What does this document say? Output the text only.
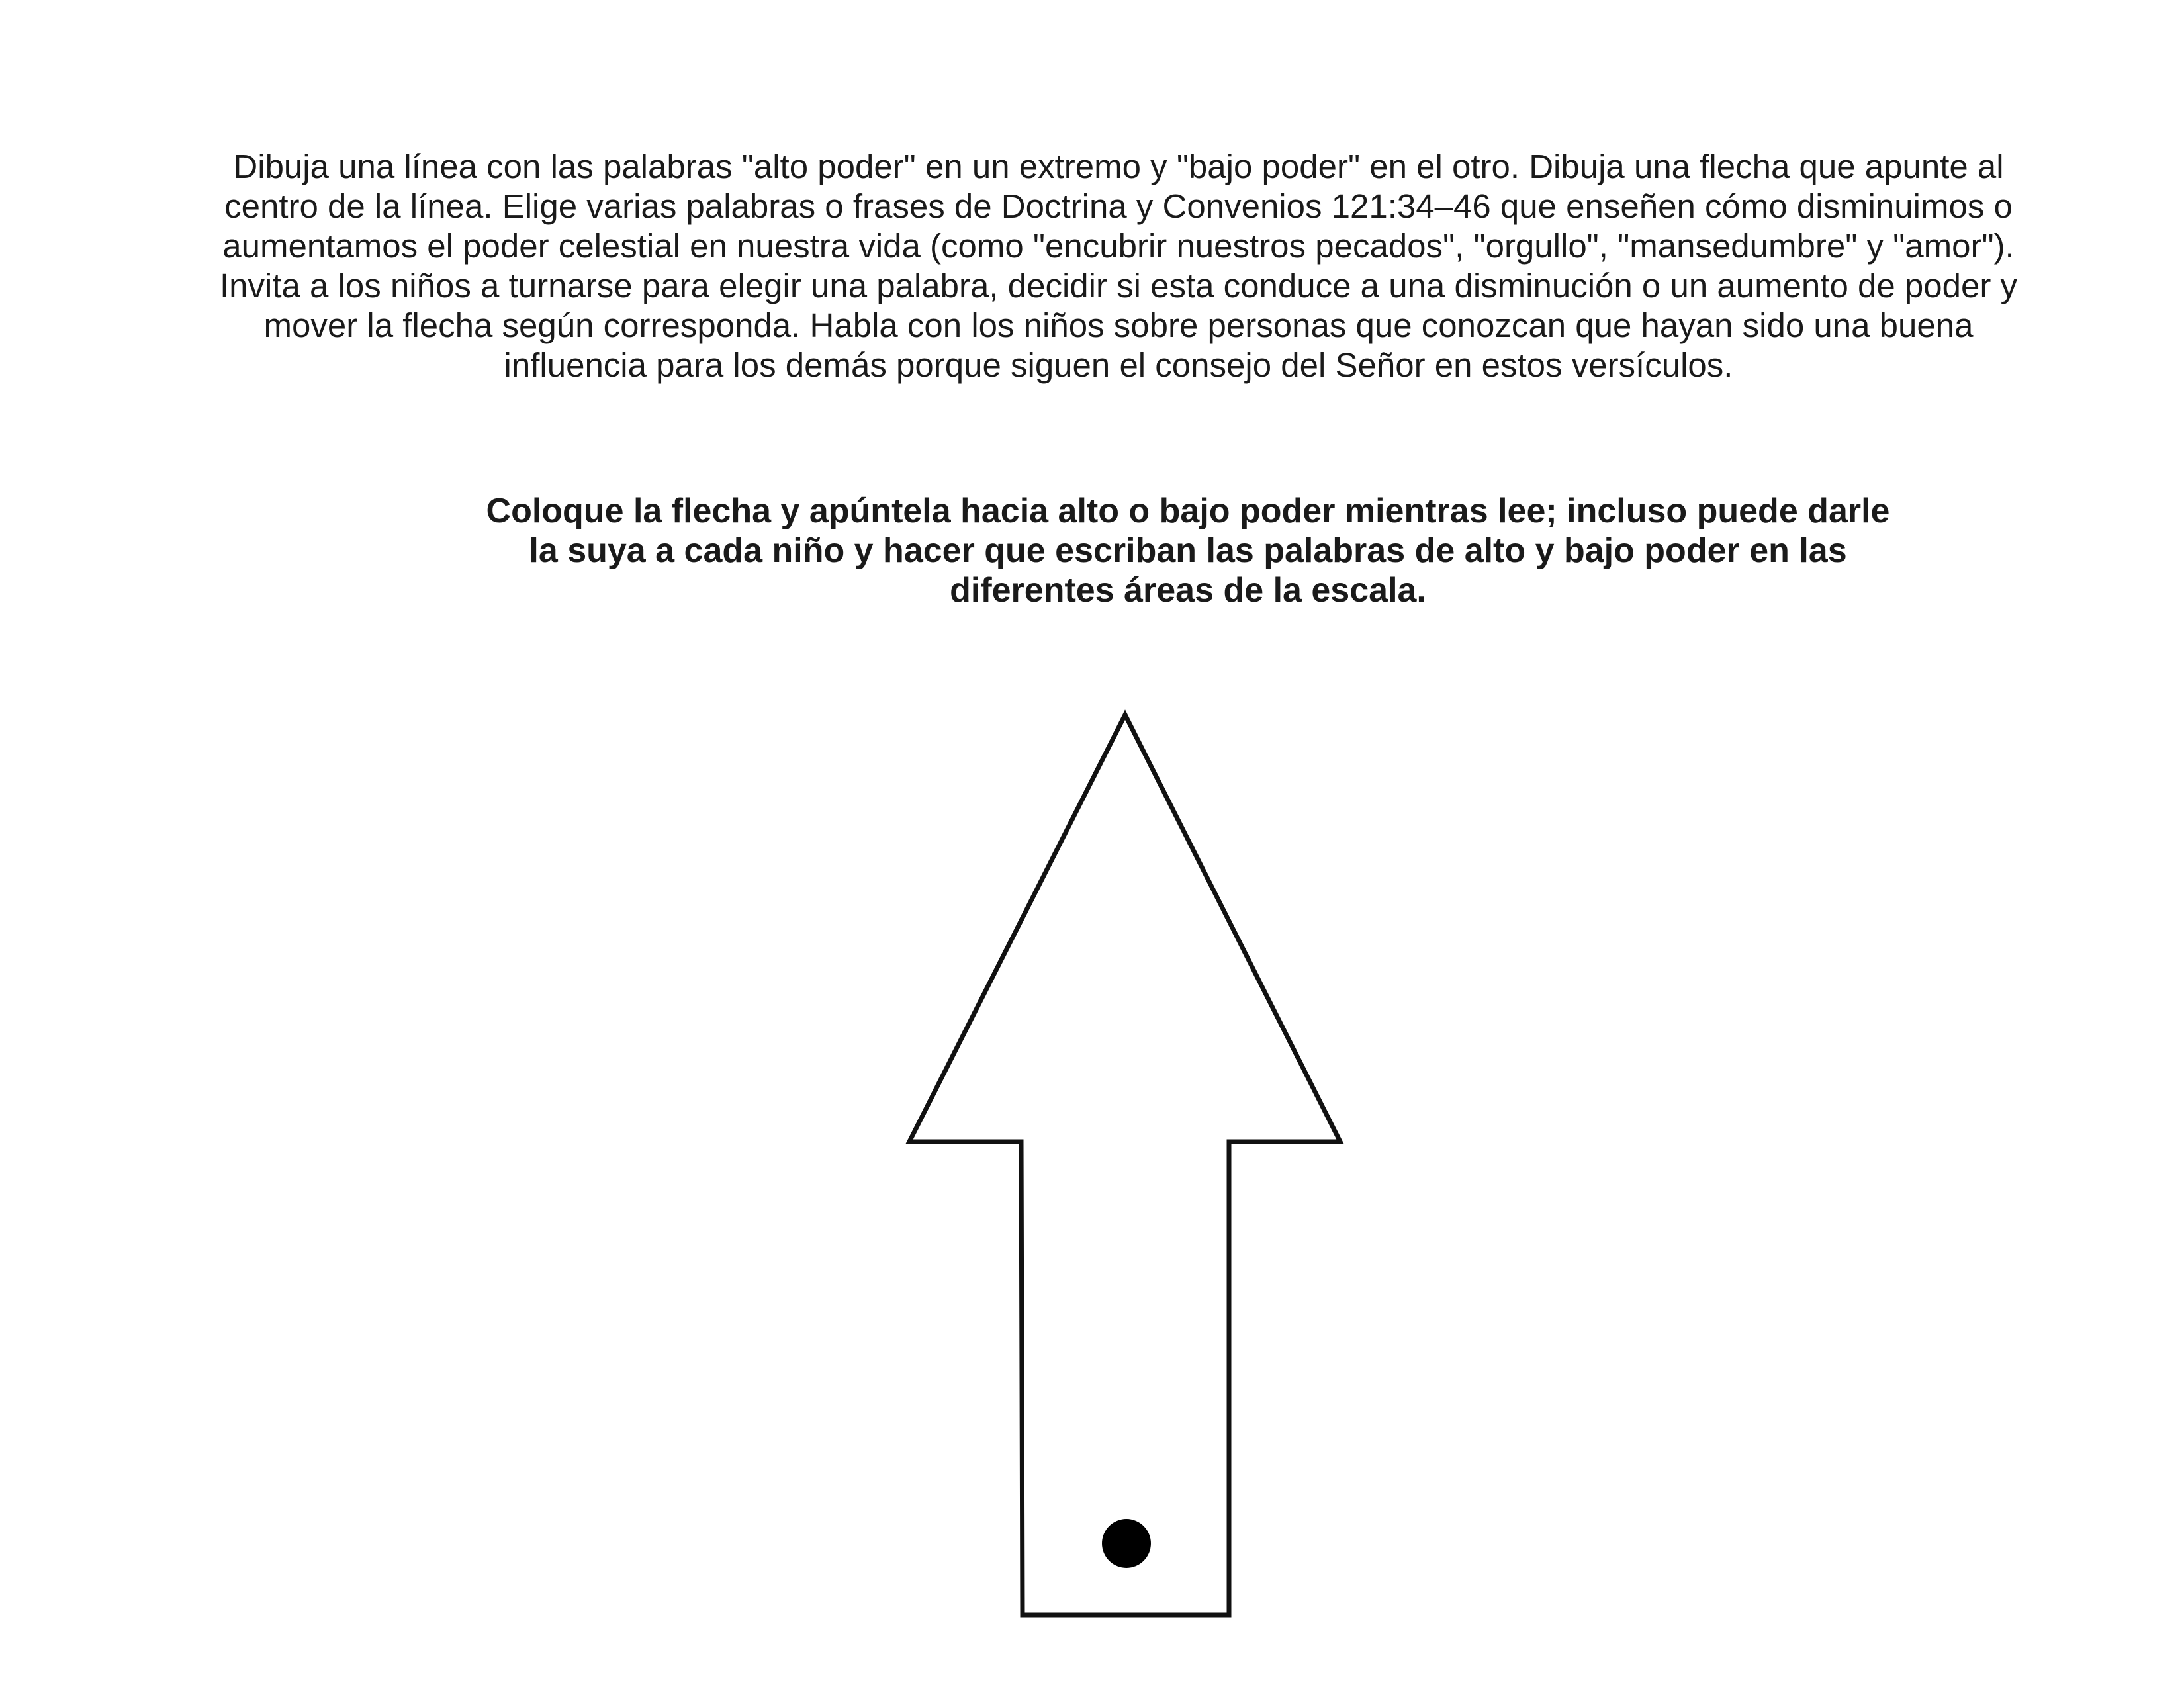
Dibuja una línea con las palabras "alto poder" en un extremo y "bajo poder" en el otro. Dibuja una flecha que apunte al centro de la línea. Elige varias palabras o frases de Doctrina y Convenios 121:34–46 que enseñen cómo disminuimos o aumentamos el poder celestial en nuestra vida (como "encubrir nuestros pecados", "orgullo", "mansedumbre" y "amor"). Invita a los niños a turnarse para elegir una palabra, decidir si esta conduce a una disminución o un aumento de poder y mover la flecha según corresponda. Habla con los niños sobre personas que conozcan que hayan sido una buena influencia para los demás porque siguen el consejo del Señor en estos versículos.

Coloque la flecha y apúntela hacia alto o bajo poder mientras lee; incluso puede darle la suya a cada niño y hacer que escriban las palabras de alto y bajo poder en las diferentes áreas de la escala.
